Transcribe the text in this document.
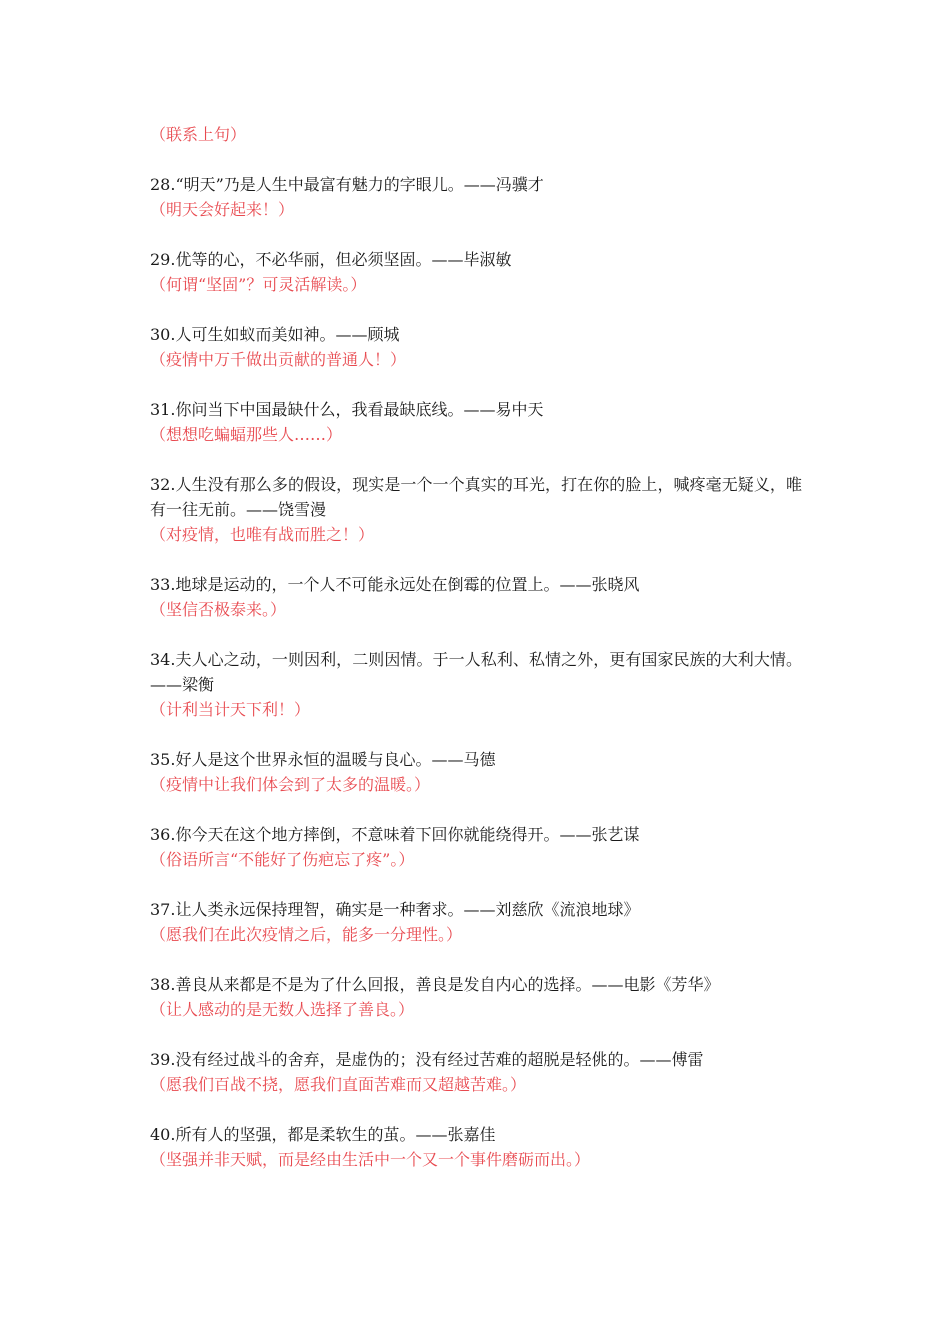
（联系上句）
28.“明天”乃是人生中最富有魅力的字眼儿。——冯骥才
（明天会好起来！）
29.优等的心，不必华丽，但必须坚固。——毕淑敏
（何谓“坚固”？可灵活解读。）
30.人可生如蚁而美如神。——顾城
（疫情中万千做出贡献的普通人！）
31.你问当下中国最缺什么，我看最缺底线。——易中天
（想想吃蝙蝠那些人……）
32.人生没有那么多的假设，现实是一个一个真实的耳光，打在你的脸上，喊疼毫无疑义，唯有一往无前。——饶雪漫
（对疫情，也唯有战而胜之！）
33.地球是运动的，一个人不可能永远处在倒霉的位置上。——张晓风
（坚信否极泰来。）
34.夫人心之动，一则因利，二则因情。于一人私利、私情之外，更有国家民族的大利大情。——梁衡
（计利当计天下利！）
35.好人是这个世界永恒的温暖与良心。——马德
（疫情中让我们体会到了太多的温暖。）
36.你今天在这个地方摔倒，不意味着下回你就能绕得开。——张艺谋
（俗语所言“不能好了伤疤忘了疼”。）
37.让人类永远保持理智，确实是一种奢求。——刘慈欣《流浪地球》
（愿我们在此次疫情之后，能多一分理性。）
38.善良从来都是不是为了什么回报，善良是发自内心的选择。——电影《芳华》
（让人感动的是无数人选择了善良。）
39.没有经过战斗的舍弃，是虚伪的；没有经过苦难的超脱是轻佻的。——傅雷
（愿我们百战不挠，愿我们直面苦难而又超越苦难。）
40.所有人的坚强，都是柔软生的茧。——张嘉佳
（坚强并非天赋，而是经由生活中一个又一个事件磨砺而出。）
